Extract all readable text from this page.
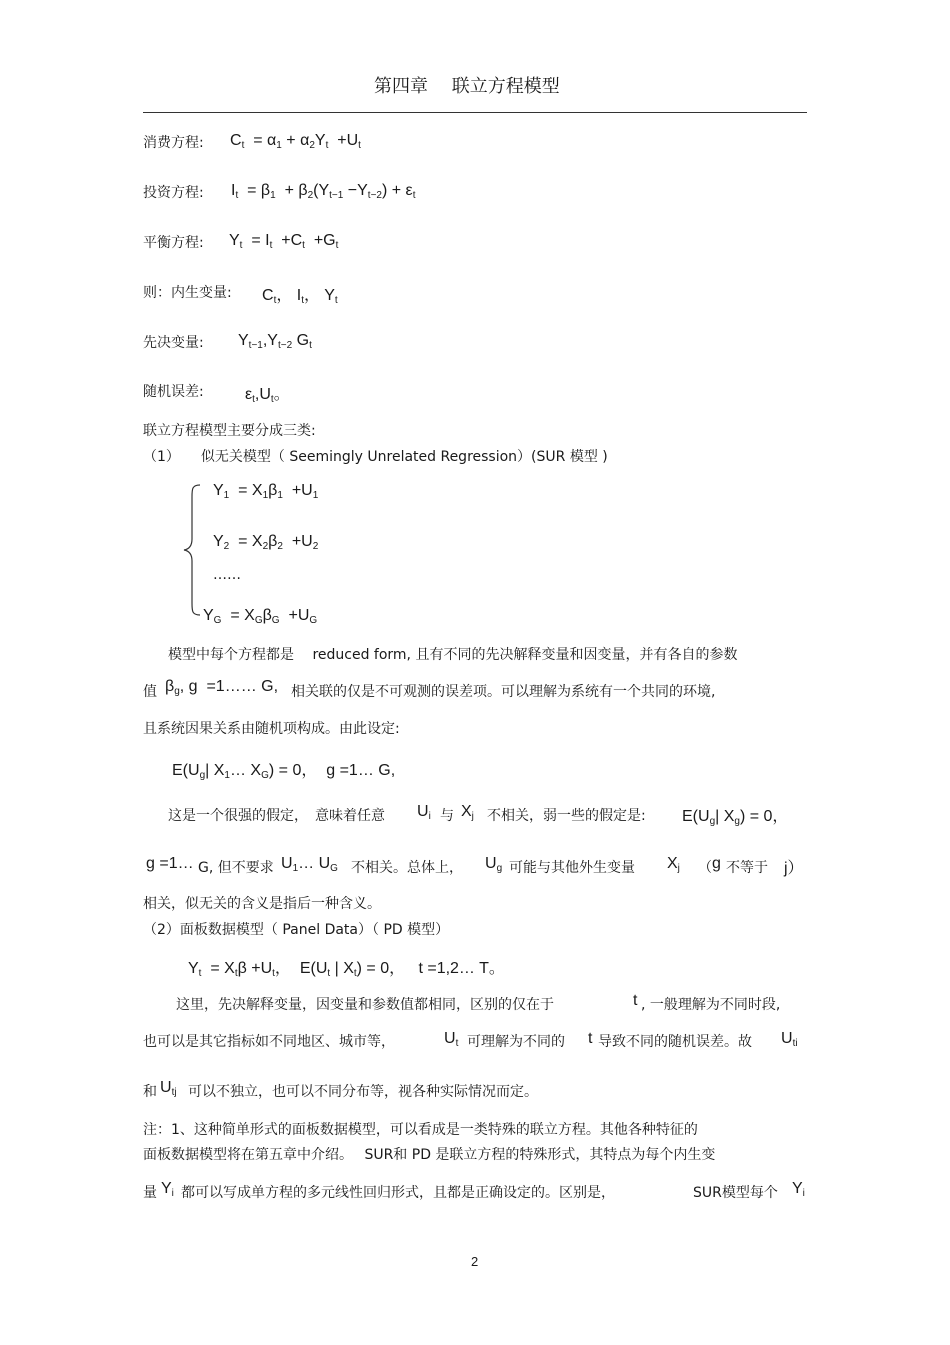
第四章　 联立方程模型
消费方程: $C_t = \alpha_1 + \alpha_2Y_t +U_t$
投资方程: $I_t = \beta_1 + \beta_2(Y_{t-1} -Y_{t-2}) + \varepsilon_t$
平衡方程: $Y_t = I_t +C_t +G_t$
则：内生变量: $C_t$， $I_t$， $Y_t$
先决变量: $Y_{t-1},Y_{t-2}$ $G_t$
随机误差:	$\varepsilon_t,U_t$。
联立方程模型主要分成三类:
（1）　　似无关模型（ Seemingly Unrelated Regression）(SUR 模型 )
$Y_1 = X_1\beta_1 +U_1$
$Y_2 = X_2\beta_2 +U_2$
……
$Y_G = X_G\beta_G +U_G$
模型中每个方程都是　 reduced form, 且有不同的先决解释变量和因变量，并有各自的参数
值 $\beta_g$, g  =1…… G, 相关联的仅是不可观测的误差项。可以理解为系统有一个共同的环境,
且系统因果关系由随机项构成。由此设定:
$E(U_g|$ $X_1\dots$ $X_G) = 0$，  g =1… G,
这是一个很强的假定，　意味着任意 $U_i$ 与 $X_j$ 不相关，弱一些的假定是: $E(U_g|$ $X_g) = 0$，
g =1… G, 但不要求 $U_1\dots$ $U_G$ 不相关。总体上， $U_g$ 可能与其他外生变量 $X_j$ （ g 不等于 j）
相关，似无关的含义是指后一种含义。
（2）面板数据模型（ Panel Data）（ PD 模型）
$Y_t = X_t\beta +U_t$，  $E(U_t$ | $X_t) = 0$，   t =1,2… T。
这里，先决解释变量，因变量和参数值都相同，区别的仅在于	t , 一般理解为不同时段,
也可以是其它指标如不同地区、城市等，	$U_t$ 可理解为不同的 t 导致不同的随机误差。故 $U_{ti}$
和 $U_{tj}$ 可以不独立，也可以不同分布等，视各种实际情况而定。
注：1、这种简单形式的面板数据模型，可以看成是一类特殊的联立方程。其他各种特征的
面板数据模型将在第五章中介绍。　 SUR和 PD 是联立方程的特殊形式，其特点为每个内生变
量 $Y_i$ 都可以写成单方程的多元线性回归形式，且都是正确设定的。区别是，	SUR模型每个 $Y_i$
2
